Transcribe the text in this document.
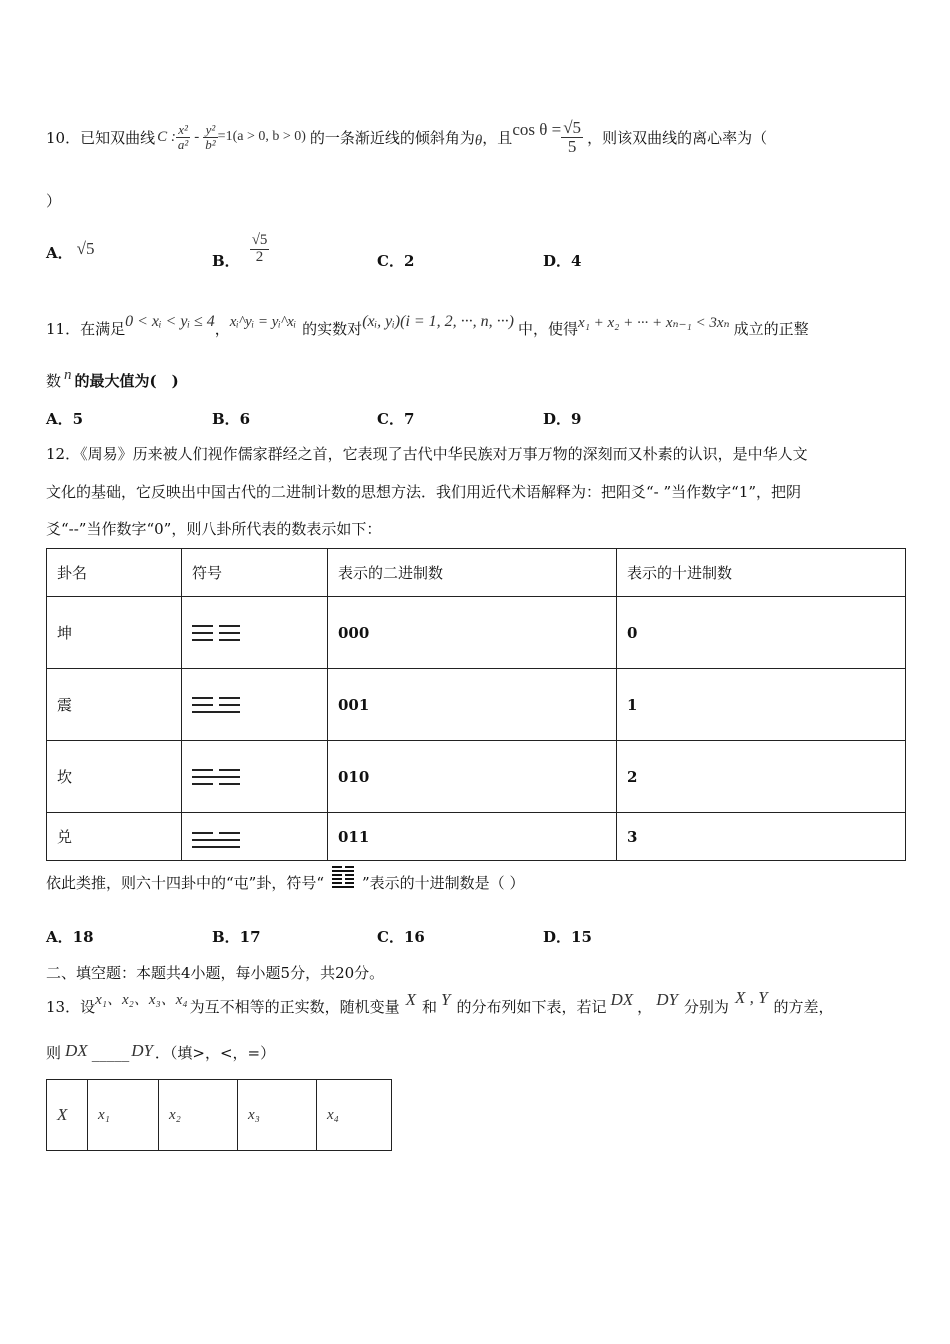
10． 已知双曲线 C : $\frac{\text{x²}}{\text{a²}} - \frac{\text{y²}}{\text{b²}} =1(a > 0$, b > 0) 的一条渐近线的倾斜角为 θ ，且 $\cos \theta = \frac{√5}{5}$ ，则该双曲线的离心率为（
）
A． √5
B． $\frac{√5}{2}$	C．2	D．4
11． 在满足 0 < xᵢ < yᵢ ≤ 4 ， xᵢ^yᵢ = yᵢ^xᵢ 的实数对 (xᵢ, yᵢ)(i = 1, 2, ···, n, ···) 中，使得 x₁ + x₂ + ··· + xₙ₋₁ < 3xₙ 成立的正整
数 n 的最大值为(　)
A．5	B．6	C．7	D．9
12．《周易》历来被人们视作儒家群经之首，它表现了古代中华民族对万事万物的深刻而又朴素的认识，是中华人文
文化的基础，它反映出中国古代的二进制计数的思想方法．我们用近代术语解释为：把阳爻“- ”当作数字“1”，把阴
爻“--”当作数字“0”，则八卦所代表的数表示如下：
卦名	符号	表示的二进制数	表示的十进制数
坤		000	0
震		001	1
坎		010	2
兑		011	3
依此类推，则六十四卦中的“屯”卦，符号“	”表示的十进制数是（ ）
A．18	B．17	C．16	D．15
二、填空题：本题共4小题，每小题5分，共20分。
13．设 x₁、x₂、x₃、x₄ 为互不相等的正实数，随机变量 X 和 Y 的分布列如下表，若记 DX ， DY 分别为 X , Y 的方差，
则 DX _____ DY ．（填>，<，=）
X	x₁	x₂	x₃	x₄
